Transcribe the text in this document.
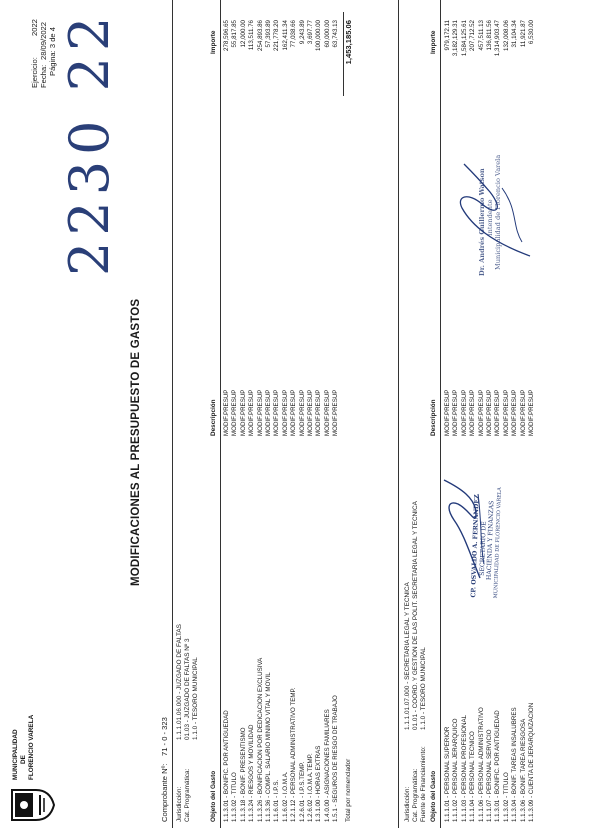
MUNICIPALIDAD DE FLORENCIO VARELA
MODIFICACIONES AL PRESUPUESTO DE GASTOS
2230 22
Ejercicio:
2022
Fecha:
28/09/2022 Página: 3 de 4
Comprobante Nº:
71 - 0 - 323
Jurisdicción:
1.1.1.01.06.000 - JUZGADO DE FALTAS
Cat. Programática:
01.03 - JUZGADO DE FALTAS Nº 3 1.1.0 - TESORO MUNICIPAL
Objeto del Gasto
Descripción
Importe
1.1.3.01 - BONIFIC. POR ANTIGUEDAD 1.1.3.02 - TITULO 1.1.3.18 - BONIF. PRESENTISMO 1.1.3.24 - RIESGOS Y MOVILIDAD 1.1.3.26 - BONIFICACION POR DEDICACION EXCLUSIVA 1.1.3.36 - COMPL. SALARIO MINIMO VITAL Y MOVIL 1.1.6.01 - I.P.S. 1.1.6.02 - I.O.M.A. 1.2.1.12 - PERSONAL ADMINISTRATIVO TEMP. 1.2.6.01 - I.P.S.TEMP. 1.2.6.02 - I.O.M.A.TEMP. 1.3.1.00 - HORAS EXTRAS 1.4.0.00 - ASIGNACIONES FAMILIARES 1.5.1 - SEGUROS DE RIESGO DE TRABAJO
MODIF.PRESUP MODIF.PRESUP MODIF.PRESUP MODIF.PRESUP MODIF.PRESUP MODIF.PRESUP MODIF.PRESUP MODIF.PRESUP MODIF.PRESUP MODIF.PRESUP MODIF.PRESUP MODIF.PRESUP MODIF.PRESUP MODIF.PRESUP
278,596.65 55,817.85 12,000.00 113,511.76 254,893.86 57,393.89 221,778.20 162,411.34 77,038.66 9,243.89 3,697.77 100,000.00 60,000.00 63,743.13
Total por nomenclador
1,453,185.06
Jurisdicción:
1.1.1.01.07.000 - SECRETARIA LEGAL Y TECNICA
Cat. Programática:
01.01 - COORD. Y GESTION DE LAS POLIT. SECRETARIA LEGAL Y TECNICA
Fuente de Financiamiento:
1.1.0 - TESORO MUNICIPAL
Objeto del Gasto
Descripción
Importe
1.1.1.01 - PERSONAL SUPERIOR 1.1.1.02 - PERSONAL JERARQUICO 1.1.1.03 - PERSONAL PROFESIONAL 1.1.1.04 - PERSONAL TECNICO 1.1.1.06 - PERSONAL ADMINISTRATIVO 1.1.1.07 - PERSONAL SERVICIO 1.1.3.01 - BONIFIC. POR ANTIGUEDAD 1.1.3.02 - TITULO 1.1.3.04 - BONIF. TAREAS INSALUBRES 1.1.3.06 - BONIF. TAREA RIESGOSA 1.1.3.09 - CUENTA DE JERARQUIZACION
MODIF.PRESUP MODIF.PRESUP MODIF.PRESUP MODIF.PRESUP MODIF.PRESUP MODIF.PRESUP MODIF.PRESUP MODIF.PRESUP MODIF.PRESUP MODIF.PRESUP MODIF.PRESUP
979,172.11 3,182,129.31 1,584,125.61 207,712.52 457,511.13 136,811.56 1,314,903.47 132,008.06 31,104.34 11,921.87 6,530.00
CP. OSVALDO A. FERNANDEZ
SECRETARIO DE
HACIENDA Y FINANZAS
MUNICIPALIDAD DE FLORENCIO VARELA
Dr. Andrés Guillermo Watson Intendente Municipalidad de Florencio Varela
